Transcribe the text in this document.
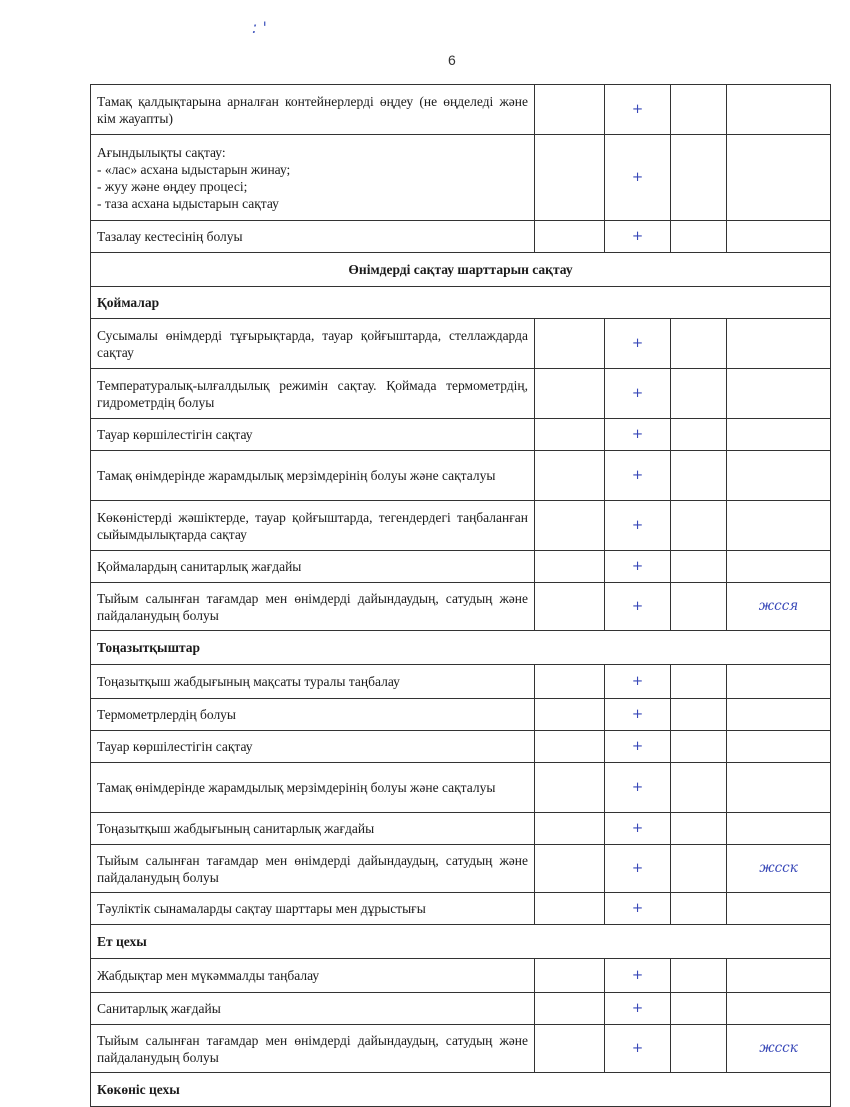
: '
6
Тамақ қалдықтарына арналған контейнерлерді өңдеу (не өңделеді және кім жауапты)		+		
Ағындылықты сақтау:
- «лас» асхана ыдыстарын жинау;
- жуу және өңдеу процесі;
- таза асхана ыдыстарын сақтау		+		
Тазалау кестесінің болуы		+		
Өнімдерді сақтау шарттарын сақтау				
Қоймалар				
Сусымалы өнімдерді тұғырықтарда, тауар қойғыштарда, стеллаждарда сақтау		+		
Температуралық-ылғалдылық режимін сақтау. Қоймада термометрдің, гидрометрдің болуы		+		
Тауар көршілестігін сақтау		+		
Тамақ өнімдерінде жарамдылық мерзімдерінің болуы және сақталуы		+		
Көкөністерді жәшіктерде, тауар қойғыштарда, тегендердегі таңбаланған сыйымдылықтарда сақтау		+		
Қоймалардың санитарлық жағдайы		+		
Тыйым салынған тағамдар мен өнімдерді дайындаудың, сатудың және пайдаланудың болуы		+		жсся
Тоңазытқыштар				
Тоңазытқыш жабдығының мақсаты туралы таңбалау		+		
Термометрлердің болуы		+		
Тауар көршілестігін сақтау		+		
Тамақ өнімдерінде жарамдылық мерзімдерінің болуы және сақталуы		+		
Тоңазытқыш жабдығының санитарлық жағдайы		+		
Тыйым салынған тағамдар мен өнімдерді дайындаудың, сатудың және пайдаланудың болуы		+		жсск
Тәуліктік сынамаларды сақтау шарттары мен дұрыстығы		+		
Ет цехы				
Жабдықтар мен мүкәммалды таңбалау		+		
Санитарлық жағдайы		+		
Тыйым салынған тағамдар мен өнімдерді дайындаудың, сатудың және пайдаланудың болуы		+		жсск
Көкөніс цехы				
